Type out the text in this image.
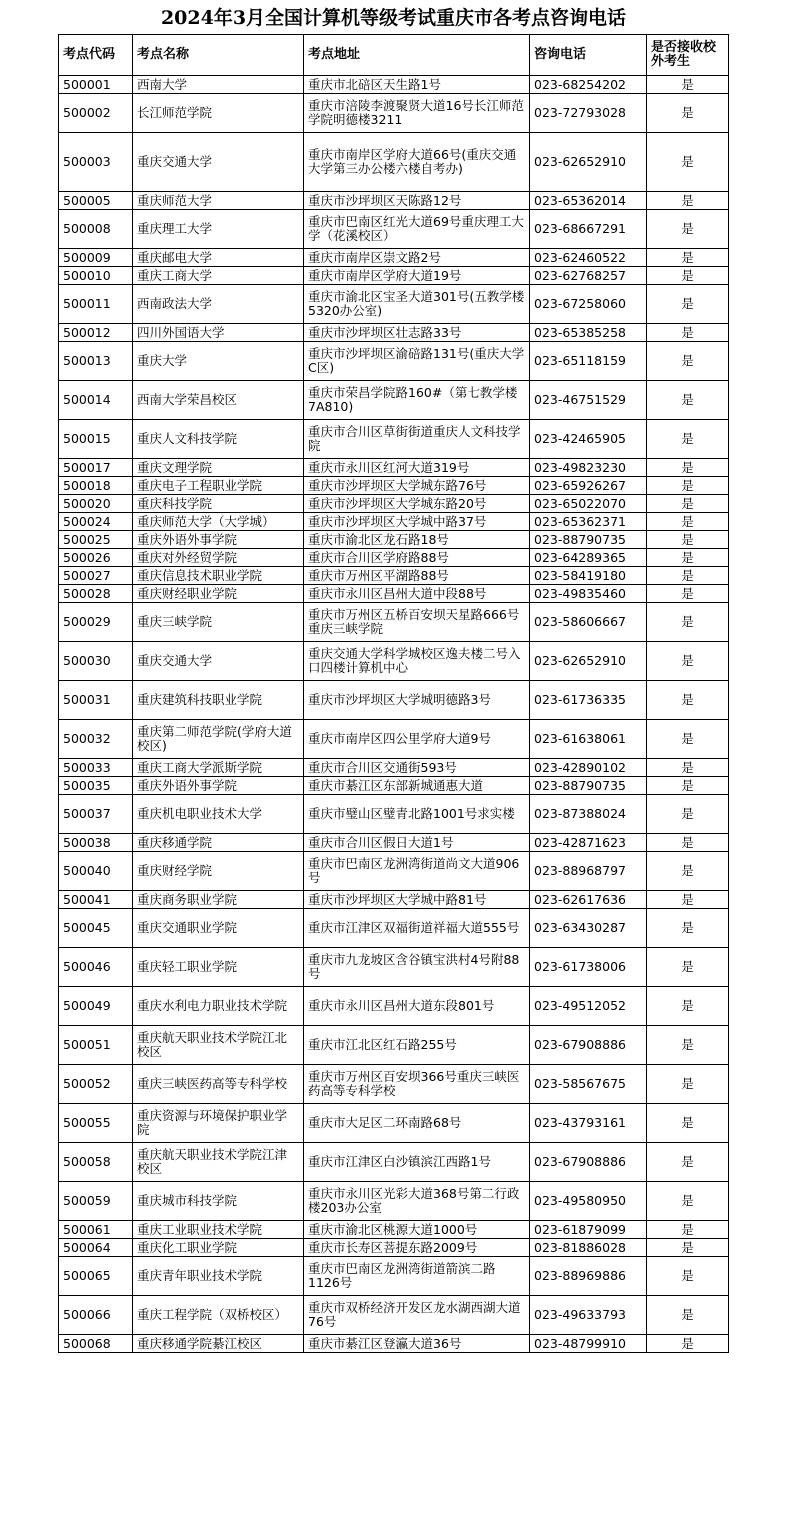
2024年3月全国计算机等级考试重庆市各考点咨询电话
考点代码	考点名称	考点地址	咨询电话	是否接收校外考生
500001	西南大学	重庆市北碚区天生路1号	023-68254202	是
500002	长江师范学院	重庆市涪陵李渡聚贤大道16号长江师范学院明德楼3211	023-72793028	是
500003	重庆交通大学	重庆市南岸区学府大道66号(重庆交通大学第三办公楼六楼自考办)	023-62652910	是
500005	重庆师范大学	重庆市沙坪坝区天陈路12号	023-65362014	是
500008	重庆理工大学	重庆市巴南区红光大道69号重庆理工大学（花溪校区）	023-68667291	是
500009	重庆邮电大学	重庆市南岸区崇文路2号	023-62460522	是
500010	重庆工商大学	重庆市南岸区学府大道19号	023-62768257	是
500011	西南政法大学	重庆市渝北区宝圣大道301号(五教学楼5320办公室)	023-67258060	是
500012	四川外国语大学	重庆市沙坪坝区壮志路33号	023-65385258	是
500013	重庆大学	重庆市沙坪坝区渝碚路131号(重庆大学C区)	023-65118159	是
500014	西南大学荣昌校区	重庆市荣昌学院路160#（第七教学楼7A810)	023-46751529	是
500015	重庆人文科技学院	重庆市合川区草街街道重庆人文科技学院	023-42465905	是
500017	重庆文理学院	重庆市永川区红河大道319号	023-49823230	是
500018	重庆电子工程职业学院	重庆市沙坪坝区大学城东路76号	023-65926267	是
500020	重庆科技学院	重庆市沙坪坝区大学城东路20号	023-65022070	是
500024	重庆师范大学（大学城）	重庆市沙坪坝区大学城中路37号	023-65362371	是
500025	重庆外语外事学院	重庆市渝北区龙石路18号	023-88790735	是
500026	重庆对外经贸学院	重庆市合川区学府路88号	023-64289365	是
500027	重庆信息技术职业学院	重庆市万州区平湖路88号	023-58419180	是
500028	重庆财经职业学院	重庆市永川区昌州大道中段88号	023-49835460	是
500029	重庆三峡学院	重庆市万州区五桥百安坝天星路666号重庆三峡学院	023-58606667	是
500030	重庆交通大学	重庆交通大学科学城校区逸夫楼二号入口四楼计算机中心	023-62652910	是
500031	重庆建筑科技职业学院	重庆市沙坪坝区大学城明德路3号	023-61736335	是
500032	重庆第二师范学院(学府大道校区)	重庆市南岸区四公里学府大道9号	023-61638061	是
500033	重庆工商大学派斯学院	重庆市合川区交通街593号	023-42890102	是
500035	重庆外语外事学院	重庆市綦江区东部新城通惠大道	023-88790735	是
500037	重庆机电职业技术大学	重庆市璧山区璧青北路1001号求实楼	023-87388024	是
500038	重庆移通学院	重庆市合川区假日大道1号	023-42871623	是
500040	重庆财经学院	重庆市巴南区龙洲湾街道尚文大道906号	023-88968797	是
500041	重庆商务职业学院	重庆市沙坪坝区大学城中路81号	023-62617636	是
500045	重庆交通职业学院	重庆市江津区双福街道祥福大道555号	023-63430287	是
500046	重庆轻工职业学院	重庆市九龙坡区含谷镇宝洪村4号附88号	023-61738006	是
500049	重庆水利电力职业技术学院	重庆市永川区昌州大道东段801号	023-49512052	是
500051	重庆航天职业技术学院江北校区	重庆市江北区红石路255号	023-67908886	是
500052	重庆三峡医药高等专科学校	重庆市万州区百安坝366号重庆三峡医药高等专科学校	023-58567675	是
500055	重庆资源与环境保护职业学院	重庆市大足区二环南路68号	023-43793161	是
500058	重庆航天职业技术学院江津校区	重庆市江津区白沙镇滨江西路1号	023-67908886	是
500059	重庆城市科技学院	重庆市永川区光彩大道368号第二行政楼203办公室	023-49580950	是
500061	重庆工业职业技术学院	重庆市渝北区桃源大道1000号	023-61879099	是
500064	重庆化工职业学院	重庆市长寿区菩提东路2009号	023-81886028	是
500065	重庆青年职业技术学院	重庆市巴南区龙洲湾街道箭滨二路1126号	023-88969886	是
500066	重庆工程学院（双桥校区）	重庆市双桥经济开发区龙水湖西湖大道76号	023-49633793	是
500068	重庆移通学院綦江校区	重庆市綦江区登瀛大道36号	023-48799910	是
